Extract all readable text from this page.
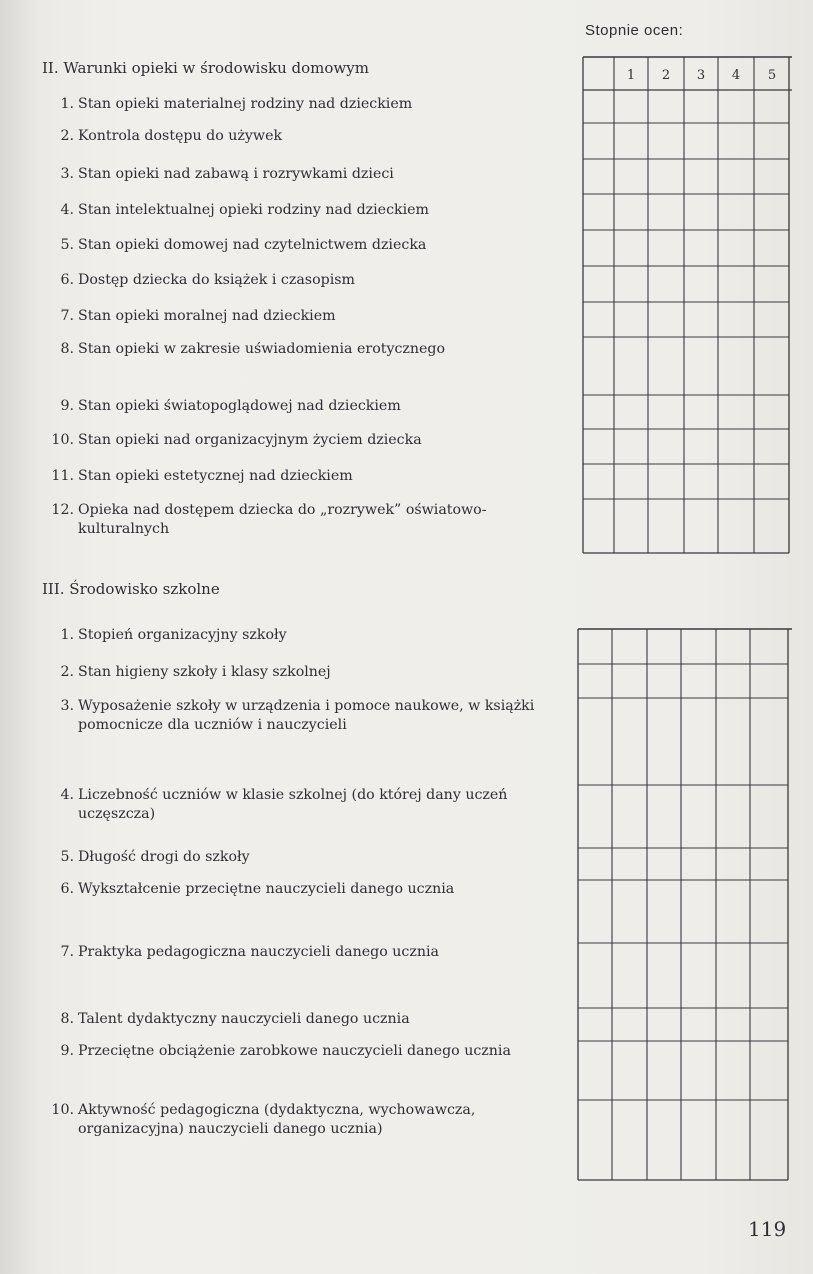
Stopnie ocen:
II. Warunki opieki w środowisku domowym
1. Stan opieki materialnej rodziny nad dzieckiem
2. Kontrola dostępu do używek
3. Stan opieki nad zabawą i rozrywkami dzieci
4. Stan intelektualnej opieki rodziny nad dzieckiem
5. Stan opieki domowej nad czytelnictwem dziecka
6. Dostęp dziecka do książek i czasopism
7. Stan opieki moralnej nad dzieckiem
8. Stan opieki w zakresie uświadomienia erotycznego
9. Stan opieki światopoglądowej nad dzieckiem
10. Stan opieki nad organizacyjnym życiem dziecka
11. Stan opieki estetycznej nad dzieckiem
12. Opieka nad dostępem dziecka do „rozrywek” oświatowo-kulturalnych
III. Środowisko szkolne
1. Stopień organizacyjny szkoły
2. Stan higieny szkoły i klasy szkolnej
3. Wyposażenie szkoły w urządzenia i pomoce naukowe, w książki pomocnicze dla uczniów i nauczycieli
4. Liczebność uczniów w klasie szkolnej (do której dany uczeń uczęszcza)
5. Długość drogi do szkoły
6. Wykształcenie przeciętne nauczycieli danego ucznia
7. Praktyka pedagogiczna nauczycieli danego ucznia
8. Talent dydaktyczny nauczycieli danego ucznia
9. Przeciętne obciążenie zarobkowe nauczycieli danego ucznia
10. Aktywność pedagogiczna (dydaktyczna, wychowawcza, organizacyjna) nauczycieli danego ucznia)
1 2 3 4 5
119
